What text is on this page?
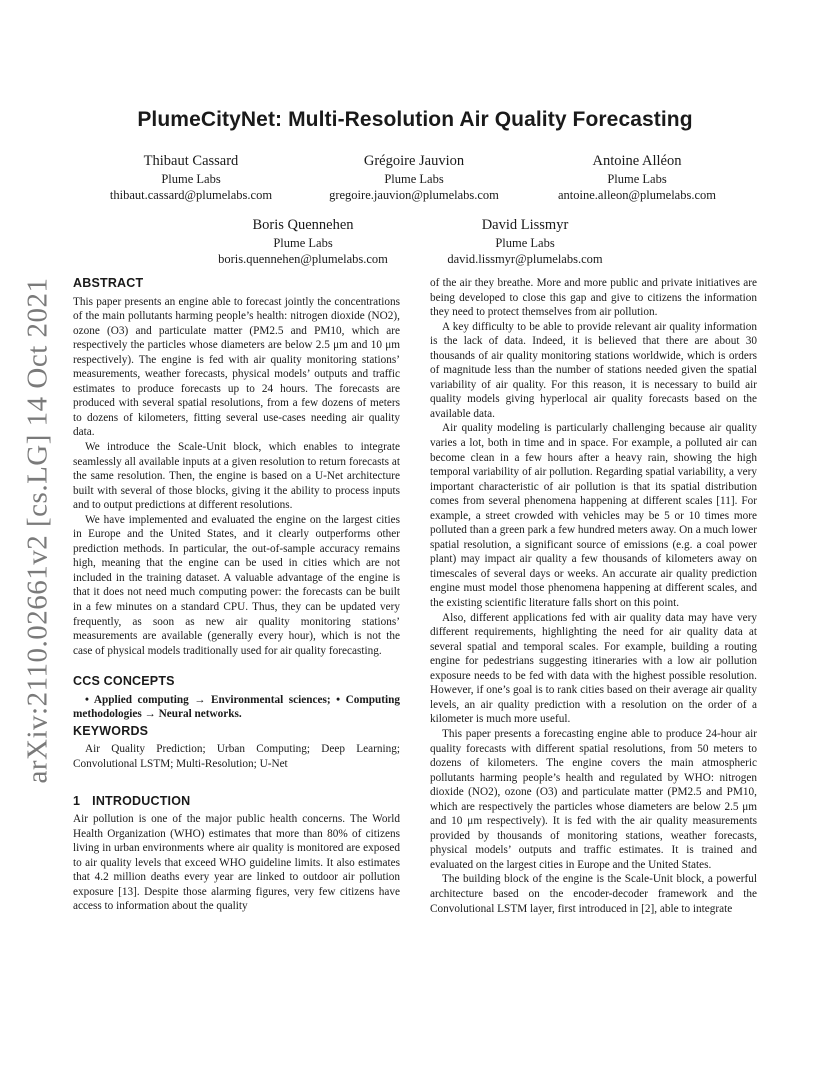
arXiv:2110.02661v2 [cs.LG] 14 Oct 2021
PlumeCityNet: Multi-Resolution Air Quality Forecasting
Thibaut Cassard
Plume Labs
thibaut.cassard@plumelabs.com
Grégoire Jauvion
Plume Labs
gregoire.jauvion@plumelabs.com
Antoine Alléon
Plume Labs
antoine.alleon@plumelabs.com
Boris Quennehen
Plume Labs
boris.quennehen@plumelabs.com
David Lissmyr
Plume Labs
david.lissmyr@plumelabs.com
ABSTRACT

This paper presents an engine able to forecast jointly the concentrations of the main pollutants harming people’s health: nitrogen dioxide (NO2), ozone (O3) and particulate matter (PM2.5 and PM10, which are respectively the particles whose diameters are below 2.5 μm and 10 μm respectively). The engine is fed with air quality monitoring stations’ measurements, weather forecasts, physical models’ outputs and traffic estimates to produce forecasts up to 24 hours. The forecasts are produced with several spatial resolutions, from a few dozens of meters to dozens of kilometers, fitting several use-cases needing air quality data.

We introduce the Scale-Unit block, which enables to integrate seamlessly all available inputs at a given resolution to return forecasts at the same resolution. Then, the engine is based on a U-Net architecture built with several of those blocks, giving it the ability to process inputs and to output predictions at different resolutions.

We have implemented and evaluated the engine on the largest cities in Europe and the United States, and it clearly outperforms other prediction methods. In particular, the out-of-sample accuracy remains high, meaning that the engine can be used in cities which are not included in the training dataset. A valuable advantage of the engine is that it does not need much computing power: the forecasts can be built in a few minutes on a standard CPU. Thus, they can be updated very frequently, as soon as new air quality monitoring stations’ measurements are available (generally every hour), which is not the case of physical models traditionally used for air quality forecasting.

CCS CONCEPTS

• Applied computing → Environmental sciences; • Computing methodologies → Neural networks.

KEYWORDS

Air Quality Prediction; Urban Computing; Deep Learning; Convolutional LSTM; Multi-Resolution; U-Net

1 INTRODUCTION

Air pollution is one of the major public health concerns. The World Health Organization (WHO) estimates that more than 80% of citizens living in urban environments where air quality is monitored are exposed to air quality levels that exceed WHO guideline limits. It also estimates that 4.2 million deaths every year are linked to outdoor air pollution exposure [13]. Despite those alarming figures, very few citizens have access to information about the quality

of the air they breathe. More and more public and private initiatives are being developed to close this gap and give to citizens the information they need to protect themselves from air pollution.

A key difficulty to be able to provide relevant air quality information is the lack of data. Indeed, it is believed that there are about 30 thousands of air quality monitoring stations worldwide, which is orders of magnitude less than the number of stations needed given the spatial variability of air quality. For this reason, it is necessary to build air quality models giving hyperlocal air quality forecasts based on the available data.

Air quality modeling is particularly challenging because air quality varies a lot, both in time and in space. For example, a polluted air can become clean in a few hours after a heavy rain, showing the high temporal variability of air pollution. Regarding spatial variability, a very important characteristic of air pollution is that its spatial distribution comes from several phenomena happening at different scales [11]. For example, a street crowded with vehicles may be 5 or 10 times more polluted than a green park a few hundred meters away. On a much lower spatial resolution, a significant source of emissions (e.g. a coal power plant) may impact air quality a few thousands of kilometers away on timescales of several days or weeks. An accurate air quality prediction engine must model those phenomena happening at different scales, and the existing scientific literature falls short on this point.

Also, different applications fed with air quality data may have very different requirements, highlighting the need for air quality data at several spatial and temporal scales. For example, building a routing engine for pedestrians suggesting itineraries with a low air pollution exposure needs to be fed with data with the highest possible resolution. However, if one’s goal is to rank cities based on their average air quality levels, an air quality prediction with a resolution on the order of a kilometer is much more useful.

This paper presents a forecasting engine able to produce 24-hour air quality forecasts with different spatial resolutions, from 50 meters to dozens of kilometers. The engine covers the main atmospheric pollutants harming people’s health and regulated by WHO: nitrogen dioxide (NO2), ozone (O3) and particulate matter (PM2.5 and PM10, which are respectively the particles whose diameters are below 2.5 μm and 10 μm respectively). It is fed with the air quality measurements provided by thousands of monitoring stations, weather forecasts, physical models’ outputs and traffic estimates. It is trained and evaluated on the largest cities in Europe and the United States.

The building block of the engine is the Scale-Unit block, a powerful architecture based on the encoder-decoder framework and the Convolutional LSTM layer, first introduced in [2], able to integrate
